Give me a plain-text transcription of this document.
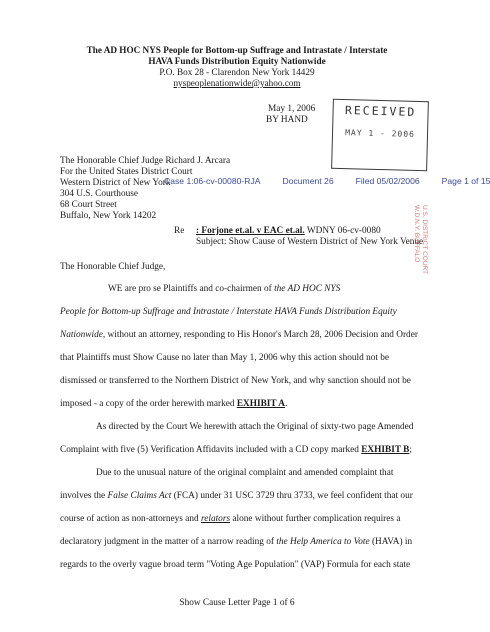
The AD HOC NYS People for Bottom-up Suffrage and Intrastate / Interstate
HAVA Funds Distribution Equity Nationwide
P.O. Box 28 - Clarendon New York 14429
nyspeoplenationwide@yahoo.com
May 1, 2006
BY HAND
RECEIVED
MAY 1 - 2006
The Honorable Chief Judge Richard J. Arcara
For the United States District Court
Western District of New York
304 U.S. Courthouse
68 Court Street
Buffalo, New York 14202
Case 1:06-cv-00080-RJA	Document 26	Filed 05/02/2006	Page 1 of 15
Re : Forjone et.al. v EAC et.al. WDNY 06-cv-0080
Subject: Show Cause of Western District of New York Venue
U.S. DISTRICT COURT
W.D.N.Y. BUFFALO
The Honorable Chief Judge,
WE are pro se Plaintiffs and co-chairmen of the AD HOC NYS
People for Bottom-up Suffrage and Intrastate / Interstate HAVA Funds Distribution Equity
Nationwide, without an attorney, responding to His Honor's March 28, 2006 Decision and Order
that Plaintiffs must Show Cause no later than May 1, 2006 why this action should not be
dismissed or transferred to the Northern District of New York, and why sanction should not be
imposed - a copy of the order herewith marked EXHIBIT A.
As directed by the Court We herewith attach the Original of sixty-two page Amended
Complaint with five (5) Verification Affidavits included with a CD copy marked EXHIBIT B;
Due to the unusual nature of the original complaint and amended complaint that
involves the False Claims Act (FCA) under 31 USC 3729 thru 3733, we feel confident that our
course of action as non-attorneys and relators alone without further complication requires a
declaratory judgment in the matter of a narrow reading of the Help America to Vote (HAVA) in
regards to the overly vague broad term "Voting Age Population" (VAP) Formula for each state
Show Cause Letter Page 1 of 6
